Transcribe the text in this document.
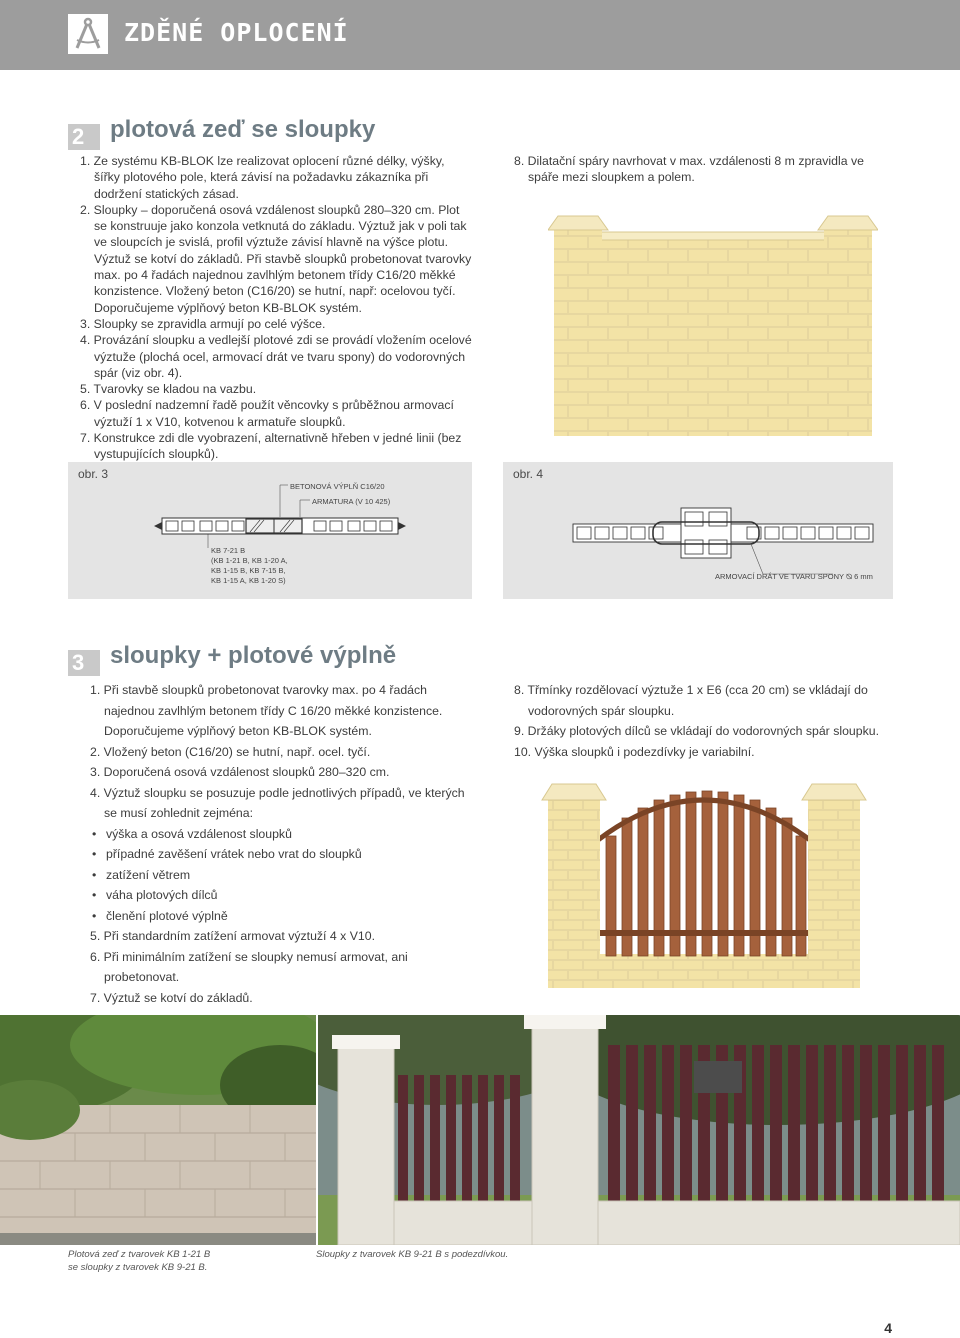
ZDĚNÉ OPLOCENÍ
2	plotová zeď se sloupky

1. Ze systému KB-BLOK lze realizovat oplocení různé délky, výšky, šířky plotového pole, která závisí na požadavku zákazníka při dodržení statických zásad.

2. Sloupky – doporučená osová vzdálenost sloupků 280–320 cm. Plot se konstruuje jako konzola vetknutá do základu. Výztuž jak v poli tak ve sloupcích je svislá, profil výztuže závisí hlavně na výšce plotu. Výztuž se kotví do základů. Při stavbě sloupků probetonovat tvarovky max. po 4 řadách najednou zavlhlým betonem třídy C16/20 měkké konzistence. Vložený beton (C16/20) se hutní, např: ocelovou tyčí. Doporučujeme výplňový beton KB-BLOK systém.

3. Sloupky se zpravidla armují po celé výšce.

4. Provázání sloupku a vedlejší plotové zdi se provádí vložením ocelové výztuže (plochá ocel, armovací drát ve tvaru spony) do vodorovných spár (viz obr. 4).

5. Tvarovky se kladou na vazbu.

6. V poslední nadzemní řadě použít věncovky s průběžnou armovací výztuží 1 x V10, kotvenou k armatuře sloupků.

7. Konstrukce zdi dle vyobrazení, alternativně hřeben v jedné linii (bez vystupujících sloupků).

8. Dilatační spáry navrhovat v max. vzdálenosti 8 m zpravidla ve spáře mezi sloupkem a polem.

obr. 3
BETONOVÁ VÝPLŇ C16/20
ARMATURA (V 10 425)
KB 7-21 B
(KB 1-21 B, KB 1-20 A,
KB 1-15 B, KB 7-15 B,
KB 1-15 A, KB 1-20 S)
obr. 4
ARMOVACÍ DRÁT VE TVARU SPONY ⦰ 6 mm
3	sloupky + plotové výplně

1. Při stavbě sloupků probetonovat tvarovky max. po 4 řadách najednou zavlhlým betonem třídy C 16/20 měkké konzistence. Doporučujeme výplňový beton KB-BLOK systém.

2. Vložený beton (C16/20) se hutní, např. ocel. tyčí.

3. Doporučená osová vzdálenost sloupků 280–320 cm.

4. Výztuž sloupku se posuzuje podle jednotlivých případů, ve kterých se musí zohlednit zejména:

• výška a osová vzdálenost sloupků

• případné zavěšení vrátek nebo vrat do sloupků

• zatížení větrem

• váha plotových dílců

• členění plotové výplně

5. Při standardním zatížení armovat výztuží 4 x V10.

6. Při minimálním zatížení se sloupky nemusí armovat, ani probetonovat.

7. Výztuž se kotví do základů.

8. Třmínky rozdělovací výztuže 1 x E6 (cca 20 cm) se vkládají do vodorovných spár sloupku.

9. Držáky plotových dílců se vkládají do vodorovných spár sloupku.

10. Výška sloupků i podezdívky je variabilní.

Plotová zeď z tvarovek KB 1-21 B
se sloupky z tvarovek KB 9-21 B.
Sloupky z tvarovek KB 9-21 B s podezdívkou.
4
